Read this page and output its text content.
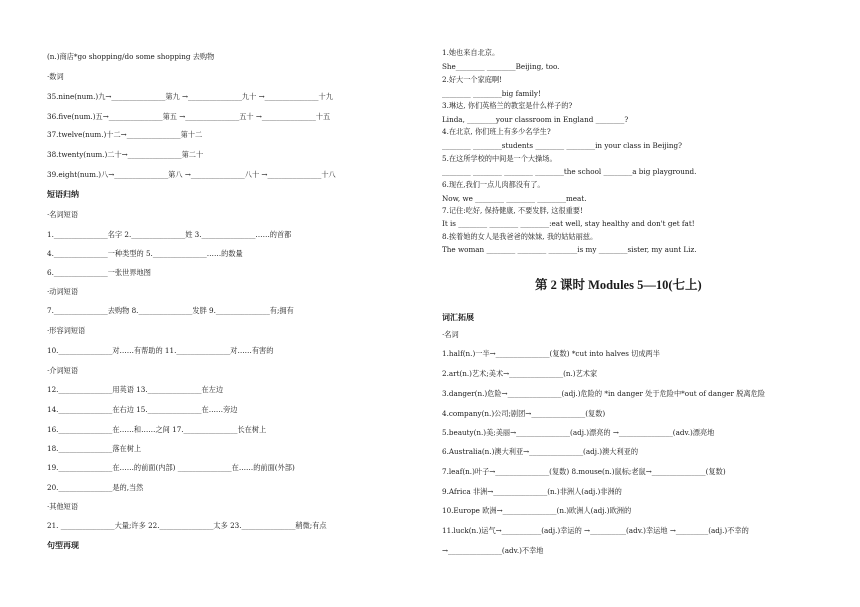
(n.)商店*go shopping/do some shopping 去购物
·数词
35.nine(num.)九→_______________第九 →_______________九十 →_______________十九
36.five(num.)五→_______________第五 →_______________五十 →_______________十五
37.twelve(num.)十二→_______________第十二
38.twenty(num.)二十→_______________第二十
39.eight(num.)八→_______________第八 →_______________八十 →_______________十八
短语归纳
·名词短语
1._______________名字 2._______________姓 3._______________……的首都
4._______________一种类型的 5._______________……的数量
6._______________一张世界地图
·动词短语
7._______________去购物 8._______________发胖 9._______________有;拥有
·形容词短语
10._______________对……有帮助的 11._______________对……有害的
·介词短语
12._______________用英语 13._______________在左边
14._______________在右边 15._______________在……旁边
16._______________在……和……之间 17._______________长在树上
18._______________落在树上
19._______________在……的前面(内部) _______________在……的前面(外部)
20._______________是的,当然
·其他短语
21. _______________大量;许多 22._______________太多 23._______________稍微;有点
句型再现
1.她也来自北京。
She________ ________Beijing, too.
2.好大一个家庭啊!
________ ________big family!
3.琳达, 你们英格兰的教室是什么样子的?
Linda, ________your classroom in England ________?
4.在北京, 你们班上有多少名学生?
________ ________students ________ ________in your class in Beijing?
5.在这所学校的中间是一个大操场。
________ ________ ________ ________the school ________a big playground.
6.现在,我们一点儿肉都没有了。
Now, we ________ ________ ________meat.
7.记住:吃好, 保持健康, 不要发胖, 这很重要!
It is ________ ________ ________:eat well, stay healthy and don't get fat!
8.挨着她的女人是我爸爸的妹妹, 我的姑姑丽兹。
The woman ________ ________ ________is my ________sister, my aunt Liz.
第 2 课时 Modules 5—10(七上)
词汇拓展
·名词
1.half(n.)一半→_______________(复数) *cut into halves 切成两半
2.art(n.)艺术;美术→_______________(n.)艺术家
3.danger(n.)危险→_______________(adj.)危险的 *in danger 处于危险中*out of danger 脱离危险
4.company(n.)公司;剧团→_______________(复数)
5.beauty(n.)美;美丽→_______________(adj.)漂亮的 →_______________(adv.)漂亮地
6.Australia(n.)澳大利亚→_______________(adj.)澳大利亚的
7.leaf(n.)叶子→_______________(复数) 8.mouse(n.)鼠标;老鼠→_______________(复数)
9.Africa 非洲→_______________(n.)非洲人(adj.)非洲的
10.Europe 欧洲→_______________(n.)欧洲人(adj.)欧洲的
11.luck(n.)运气→___________(adj.)幸运的 →__________(adv.)幸运地 →_________(adj.)不幸的
→_______________(adv.)不幸地
